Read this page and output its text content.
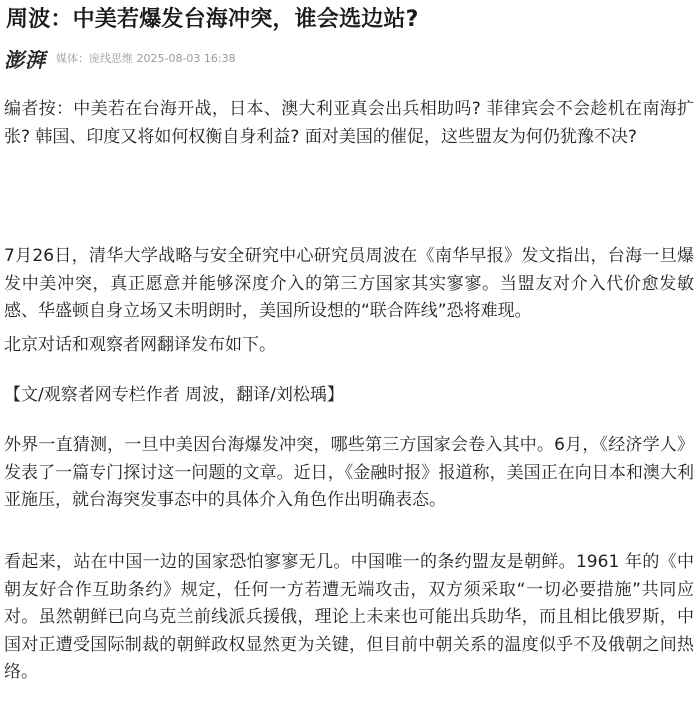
周波：中美若爆发台海冲突，谁会选边站?
澎湃 媒体：庞线思维 2025-08-03 16:38

编者按：中美若在台海开战，日本、澳大利亚真会出兵相助吗? 菲律宾会不会趁机在南海扩张? 韩国、印度又将如何权衡自身利益? 面对美国的催促，这些盟友为何仍犹豫不决?

7月26日，清华大学战略与安全研究中心研究员周波在《南华早报》发文指出，台海一旦爆发中美冲突，真正愿意并能够深度介入的第三方国家其实寥寥。当盟友对介入代价愈发敏感、华盛顿自身立场又未明朗时，美国所设想的“联合阵线”恐将难现。

北京对话和观察者网翻译发布如下。

【文/观察者网专栏作者 周波，翻译/刘松瑀】

外界一直猜测，一旦中美因台海爆发冲突，哪些第三方国家会卷入其中。6月，《经济学人》发表了一篇专门探讨这一问题的文章。近日，《金融时报》报道称，美国正在向日本和澳大利亚施压，就台海突发事态中的具体介入角色作出明确表态。

看起来，站在中国一边的国家恐怕寥寥无几。中国唯一的条约盟友是朝鲜。1961 年的《中朝友好合作互助条约》规定，任何一方若遭无端攻击，双方须采取“一切必要措施”共同应对。虽然朝鲜已向乌克兰前线派兵援俄，理论上未来也可能出兵助华，而且相比俄罗斯，中国对正遭受国际制裁的朝鲜政权显然更为关键，但目前中朝关系的温度似乎不及俄朝之间热络。
